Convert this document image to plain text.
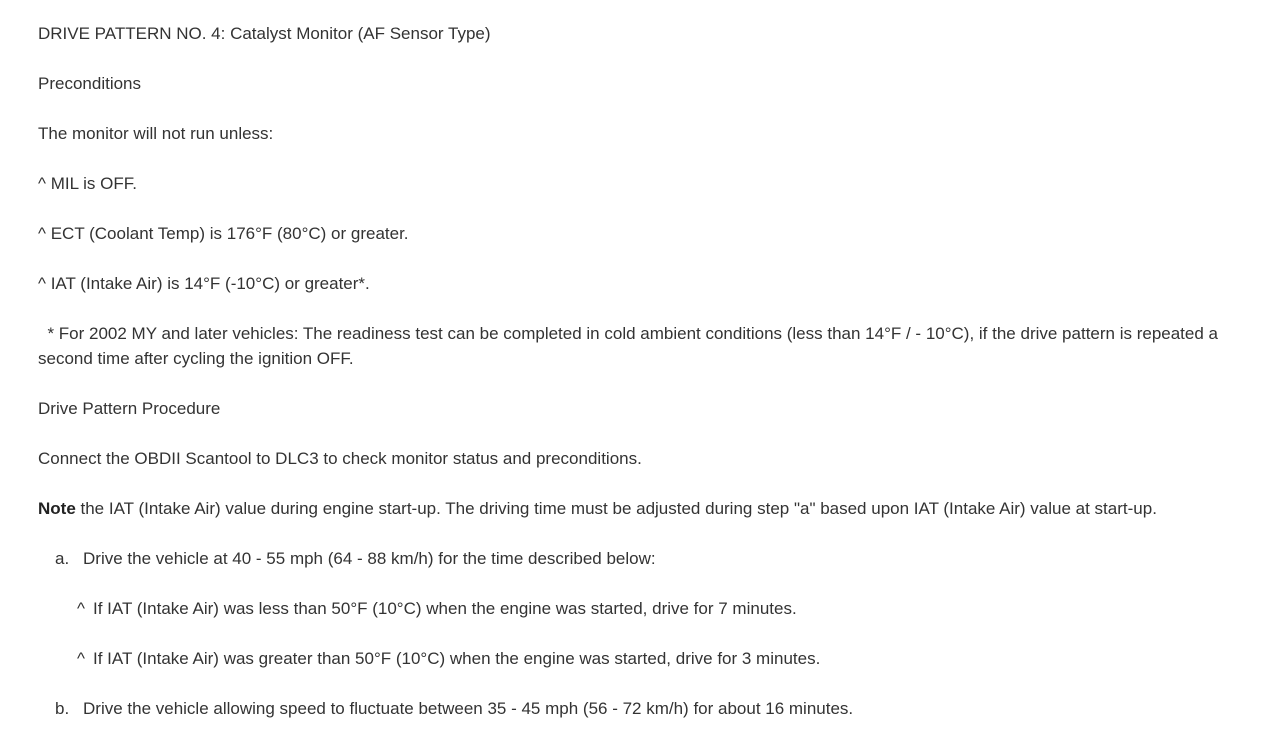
DRIVE PATTERN NO. 4: Catalyst Monitor (AF Sensor Type)
Preconditions
The monitor will not run unless:
^ MIL is OFF.
^ ECT (Coolant Temp) is 176°F (80°C) or greater.
^ IAT (Intake Air) is 14°F (-10°C) or greater*.
* For 2002 MY and later vehicles: The readiness test can be completed in cold ambient conditions (less than 14°F / - 10°C), if the drive pattern is repeated a second time after cycling the ignition OFF.
Drive Pattern Procedure
Connect the OBDII Scantool to DLC3 to check monitor status and preconditions.
Note the IAT (Intake Air) value during engine start-up. The driving time must be adjusted during step "a" based upon IAT (Intake Air) value at start-up.
a. Drive the vehicle at 40 - 55 mph (64 - 88 km/h) for the time described below:
^ If IAT (Intake Air) was less than 50°F (10°C) when the engine was started, drive for 7 minutes.
^ If IAT (Intake Air) was greater than 50°F (10°C) when the engine was started, drive for 3 minutes.
b. Drive the vehicle allowing speed to fluctuate between 35 - 45 mph (56 - 72 km/h) for about 16 minutes.
